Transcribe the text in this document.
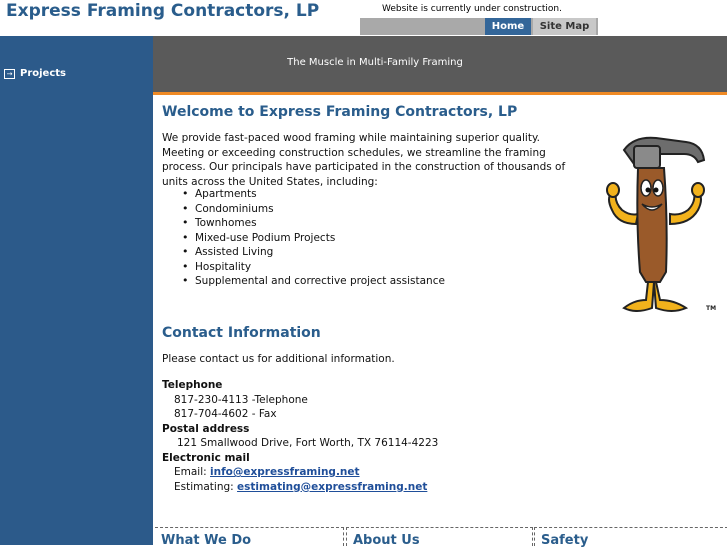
Express Framing Contractors, LP	Website is currently under construction.
Home	Site Map
→ Projects
The Muscle in Multi-Family Framing
Welcome to Express Framing Contractors, LP

We provide fast-paced wood framing while maintaining superior quality. Meeting or exceeding construction schedules, we streamline the framing process. Our principals have participated in the construction of thousands of units across the United States, including:

• Apartments
• Condominiums
• Townhomes
• Mixed-use Podium Projects
• Assisted Living
• Hospitality
• Supplemental and corrective project assistance
Contact Information
Please contact us for additional information.
Telephone
817-230-4113 -Telephone
817-704-4602 - Fax
Postal address
121 Smallwood Drive, Fort Worth, TX 76114-4223
Electronic mail
Email: info@expressframing.net
Estimating: estimating@expressframing.net
TM
What We Do	About Us	Safety
